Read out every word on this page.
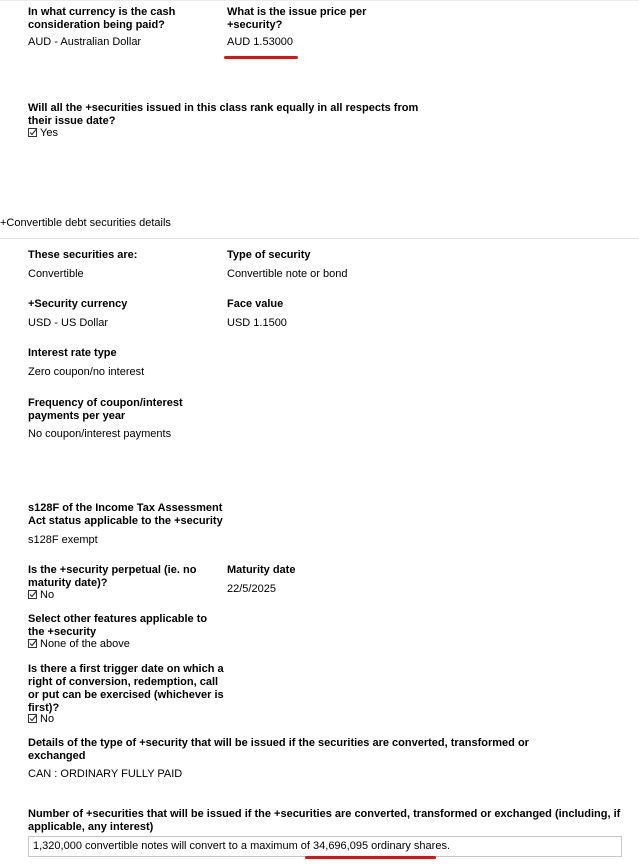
In what currency is the cash consideration being paid?
AUD - Australian Dollar
What is the issue price per +security?
AUD 1.53000
Will all the +securities issued in this class rank equally in all respects from their issue date?
Yes
+Convertible debt securities details
These securities are:
Convertible
Type of security
Convertible note or bond
+Security currency
USD - US Dollar
Face value
USD 1.1500
Interest rate type
Zero coupon/no interest
Frequency of coupon/interest payments per year
No coupon/interest payments
s128F of the Income Tax Assessment Act status applicable to the +security
s128F exempt
Is the +security perpetual (ie. no maturity date)?
No
Maturity date
22/5/2025
Select other features applicable to the +security
None of the above
Is there a first trigger date on which a right of conversion, redemption, call or put can be exercised (whichever is first)?
No
Details of the type of +security that will be issued if the securities are converted, transformed or exchanged
CAN : ORDINARY FULLY PAID
Number of +securities that will be issued if the +securities are converted, transformed or exchanged (including, if applicable, any interest)
1,320,000 convertible notes will convert to a maximum of 34,696,095 ordinary shares.
